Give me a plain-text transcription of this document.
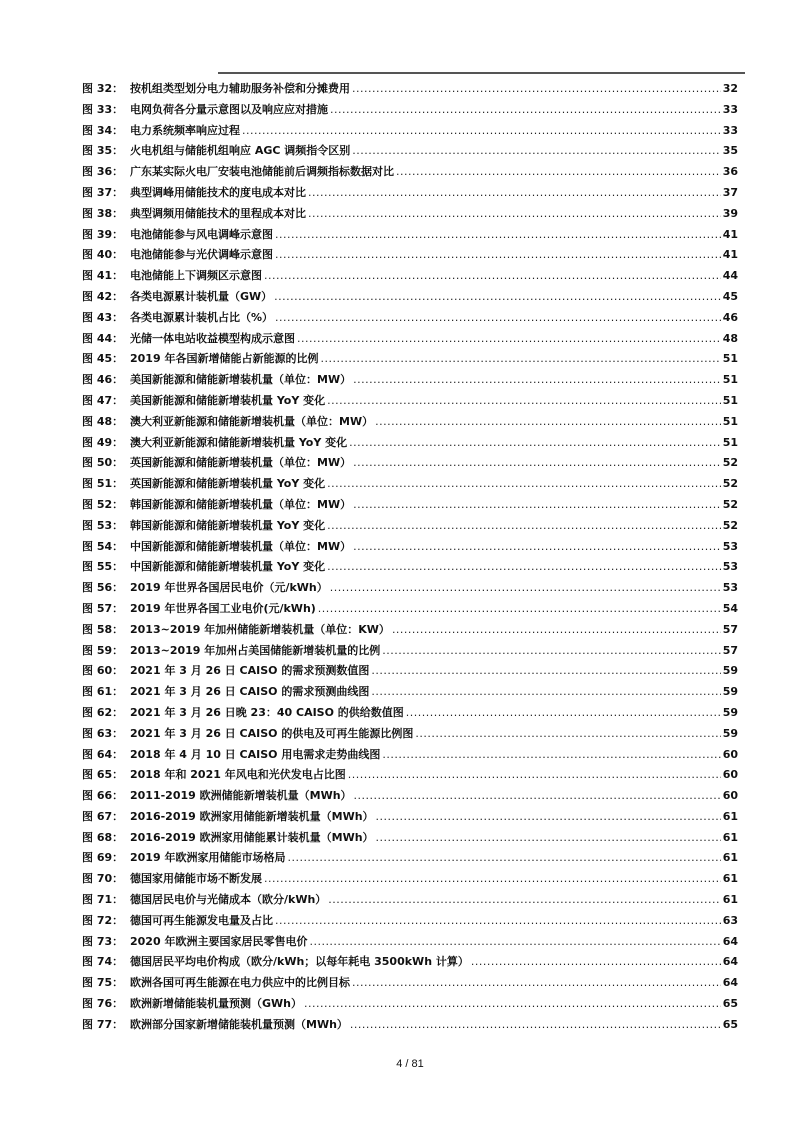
图 32： 按机组类型划分电力辅助服务补偿和分摊费用 .....	32
图 33： 电网负荷各分量示意图以及响应应对措施 .....	33
图 34： 电力系统频率响应过程 .....	33
图 35： 火电机组与储能机组响应 AGC 调频指令区别 .....	35
图 36： 广东某实际火电厂安装电池储能前后调频指标数据对比 .....	36
图 37： 典型调峰用储能技术的度电成本对比 .....	37
图 38： 典型调频用储能技术的里程成本对比 .....	39
图 39： 电池储能参与风电调峰示意图 .....	41
图 40： 电池储能参与光伏调峰示意图 .....	41
图 41： 电池储能上下调频区示意图 .....	44
图 42： 各类电源累计装机量（GW） .....	45
图 43： 各类电源累计装机占比（%） .....	46
图 44： 光储一体电站收益模型构成示意图 .....	48
图 45： 2019 年各国新增储能占新能源的比例 .....	51
图 46： 美国新能源和储能新增装机量（单位：MW） .....	51
图 47： 美国新能源和储能新增装机量 YoY 变化 .....	51
图 48： 澳大利亚新能源和储能新增装机量（单位：MW） .....	51
图 49： 澳大利亚新能源和储能新增装机量 YoY 变化 .....	51
图 50： 英国新能源和储能新增装机量（单位：MW） .....	52
图 51： 英国新能源和储能新增装机量 YoY 变化 .....	52
图 52： 韩国新能源和储能新增装机量（单位：MW） .....	52
图 53： 韩国新能源和储能新增装机量 YoY 变化 .....	52
图 54： 中国新能源和储能新增装机量（单位：MW） .....	53
图 55： 中国新能源和储能新增装机量 YoY 变化 .....	53
图 56： 2019 年世界各国居民电价（元/kWh） .....	53
图 57： 2019 年世界各国工业电价(元/kWh) .....	54
图 58： 2013~2019 年加州储能新增装机量（单位：KW） .....	57
图 59： 2013~2019 年加州占美国储能新增装机量的比例 .....	57
图 60： 2021 年 3 月 26 日 CAISO 的需求预测数值图 .....	59
图 61： 2021 年 3 月 26 日 CAISO 的需求预测曲线图 .....	59
图 62： 2021 年 3 月 26 日晚 23：40 CAISO 的供给数值图 .....	59
图 63： 2021 年 3 月 26 日 CAISO 的供电及可再生能源比例图 .....	59
图 64： 2018 年 4 月 10 日 CAISO 用电需求走势曲线图 .....	60
图 65： 2018 年和 2021 年风电和光伏发电占比图 .....	60
图 66： 2011-2019 欧洲储能新增装机量（MWh） .....	60
图 67： 2016-2019 欧洲家用储能新增装机量（MWh） .....	61
图 68： 2016-2019 欧洲家用储能累计装机量（MWh） .....	61
图 69： 2019 年欧洲家用储能市场格局 .....	61
图 70： 德国家用储能市场不断发展 .....	61
图 71： 德国居民电价与光储成本（欧分/kWh） .....	61
图 72： 德国可再生能源发电量及占比 .....	63
图 73： 2020 年欧洲主要国家居民零售电价 .....	64
图 74： 德国居民平均电价构成（欧分/kWh；以每年耗电 3500kWh 计算） .....	64
图 75： 欧洲各国可再生能源在电力供应中的比例目标 .....	64
图 76： 欧洲新增储能装机量预测（GWh） .....	65
图 77： 欧洲部分国家新增储能装机量预测（MWh） .....	65
4 / 81
